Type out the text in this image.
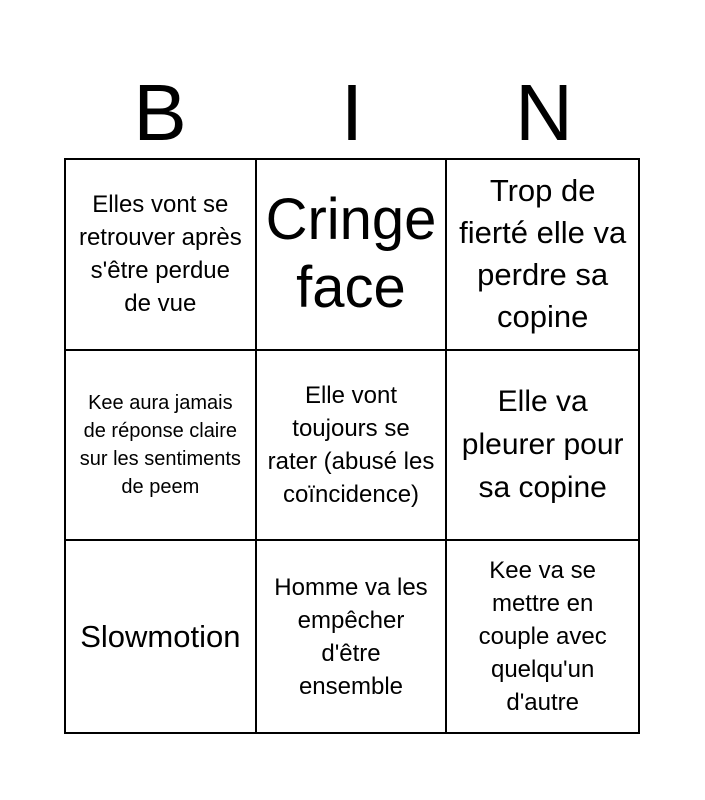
B	I	N
Elles vont se retrouver après s'être perdue de vue
Cringe face
Trop de fierté elle va perdre sa copine
Kee aura jamais de réponse claire sur les sentiments de peem
Elle vont toujours se rater (abusé les coïncidence)
Elle va pleurer pour sa copine
Slowmotion
Homme va les empêcher d'être ensemble
Kee va se mettre en couple avec quelqu'un d'autre
